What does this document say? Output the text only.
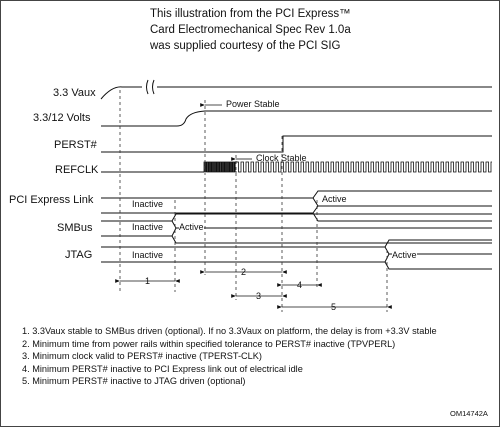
This illustration from the PCI Express™
Card Electromechanical Spec Rev 1.0a
was supplied courtesy of the PCI SIG
3.3 Vaux
3.3/12 Volts
PERST#
REFCLK
PCI Express Link
SMBus
JTAG
1
2
3
4
5
Power Stable
Clock Stable
Inactive	Active
Inactive Active
Inactive	Active
1. 3.3Vaux stable to SMBus driven (optional). If no 3.3Vaux on platform, the delay is from +3.3V stable
2. Minimum time from power rails within specified tolerance to PERST# inactive (TPVPERL)
3. Minimum clock valid to PERST# inactive (TPERST-CLK)
4. Minimum PERST# inactive to PCI Express link out of electrical idle
5. Minimum PERST# inactive to JTAG driven (optional)
OM14742A
